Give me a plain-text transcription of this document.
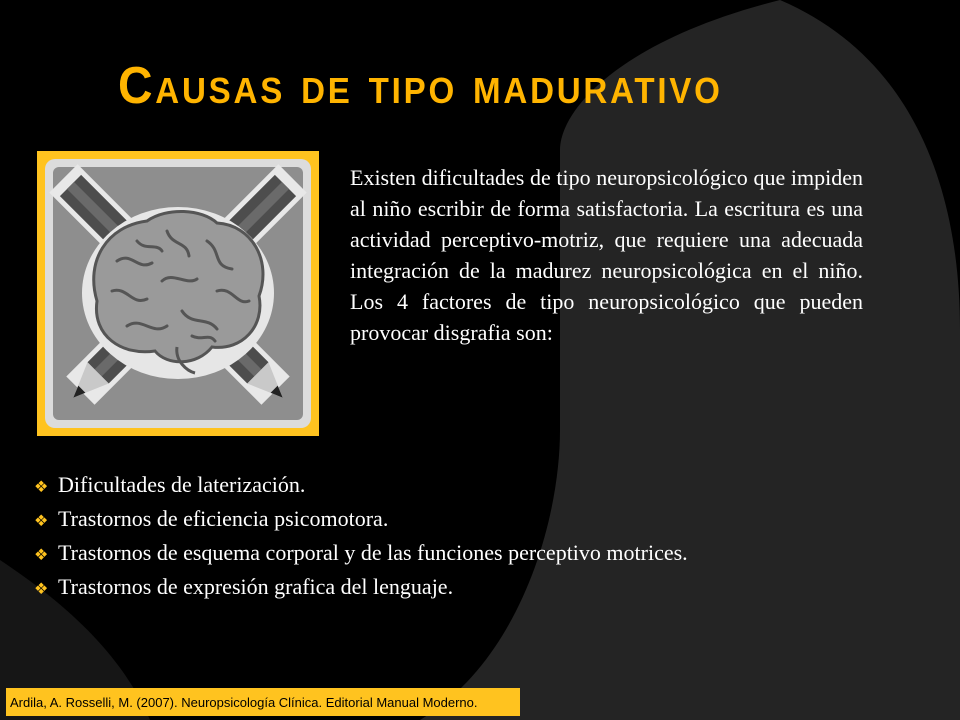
Causas de tipo madurativo
Existen dificultades de tipo neuropsicológico que impiden al niño escribir de forma satisfactoria. La escritura es una actividad perceptivo-motriz, que requiere una adecuada integración de la madurez neuropsicológica en el niño. Los 4 factores de tipo neuropsicológico que pueden provocar disgrafia son:
❖ Dificultades de laterización.
❖ Trastornos de eficiencia psicomotora.
❖ Trastornos de esquema corporal y de las funciones perceptivo motrices.
❖ Trastornos de expresión grafica del lenguaje.
Ardila, A. Rosselli, M. (2007). Neuropsicología Clínica. Editorial Manual Moderno.
